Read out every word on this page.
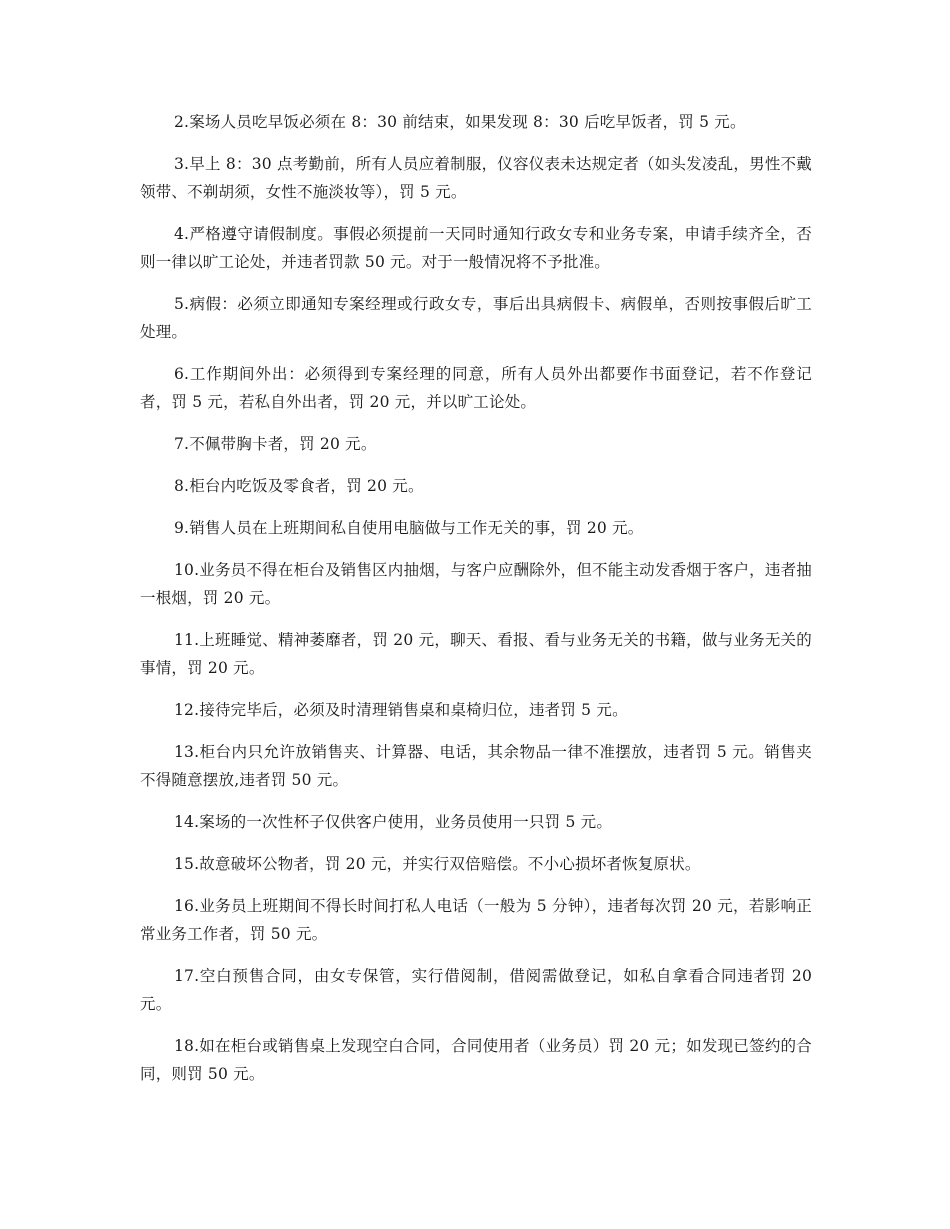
2.案场人员吃早饭必须在 8：30 前结束，如果发现 8：30 后吃早饭者，罚 5 元。

3.早上 8：30 点考勤前，所有人员应着制服，仪容仪表未达规定者（如头发凌乱，男性不戴领带、不剃胡须，女性不施淡妆等），罚 5 元。

4.严格遵守请假制度。事假必须提前一天同时通知行政女专和业务专案，申请手续齐全，否则一律以旷工论处，并违者罚款 50 元。对于一般情况将不予批准。

5.病假：必须立即通知专案经理或行政女专，事后出具病假卡、病假单，否则按事假后旷工处理。

6.工作期间外出：必须得到专案经理的同意，所有人员外出都要作书面登记，若不作登记者，罚 5 元，若私自外出者，罚 20 元，并以旷工论处。

7.不佩带胸卡者，罚 20 元。

8.柜台内吃饭及零食者，罚 20 元。

9.销售人员在上班期间私自使用电脑做与工作无关的事，罚 20 元。

10.业务员不得在柜台及销售区内抽烟，与客户应酬除外，但不能主动发香烟于客户，违者抽一根烟，罚 20 元。

11.上班睡觉、精神萎靡者，罚 20 元，聊天、看报、看与业务无关的书籍，做与业务无关的事情，罚 20 元。

12.接待完毕后，必须及时清理销售桌和桌椅归位，违者罚 5 元。

13.柜台内只允许放销售夹、计算器、电话，其余物品一律不准摆放，违者罚 5 元。销售夹不得随意摆放,违者罚 50 元。

14.案场的一次性杯子仅供客户使用，业务员使用一只罚 5 元。

15.故意破坏公物者，罚 20 元，并实行双倍赔偿。不小心损坏者恢复原状。

16.业务员上班期间不得长时间打私人电话（一般为 5 分钟），违者每次罚 20 元，若影响正常业务工作者，罚 50 元。

17.空白预售合同，由女专保管，实行借阅制，借阅需做登记，如私自拿看合同违者罚 20 元。

18.如在柜台或销售桌上发现空白合同，合同使用者（业务员）罚 20 元；如发现已签约的合同，则罚 50 元。
